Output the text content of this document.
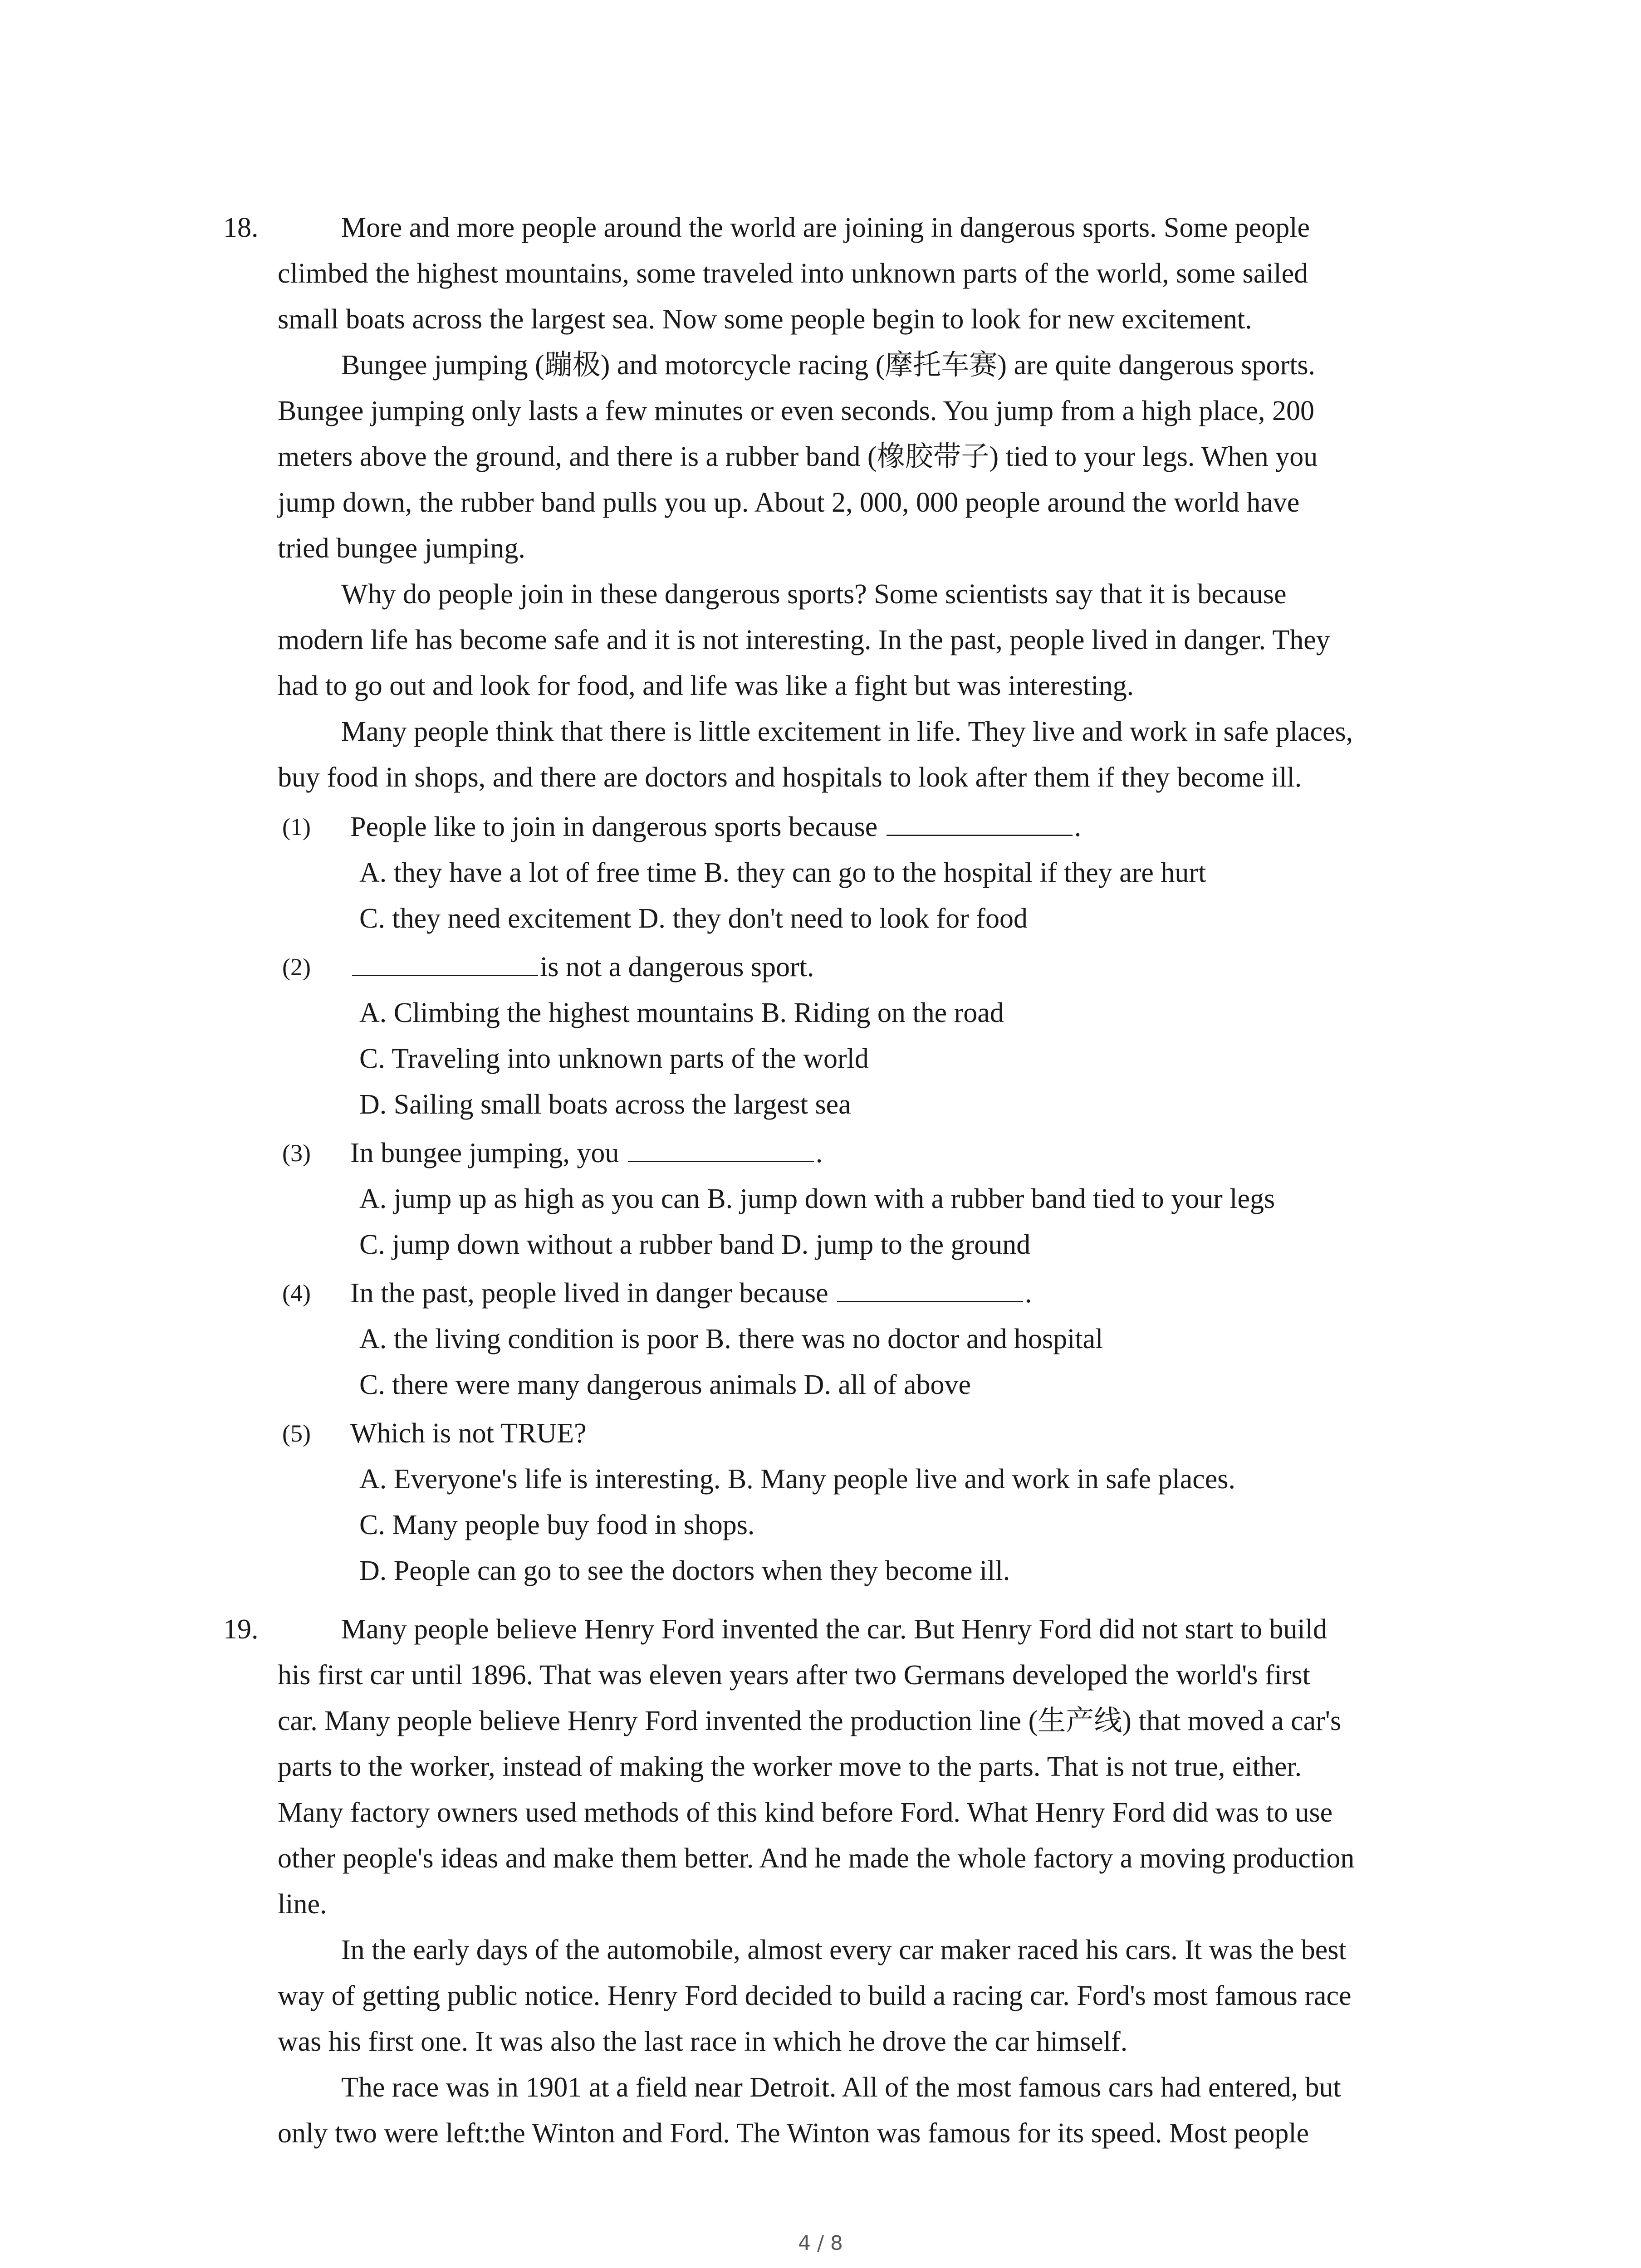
18.	More and more people around the world are joining in dangerous sports. Some people
climbed the highest mountains, some traveled into unknown parts of the world, some sailed
small boats across the largest sea. Now some people begin to look for new excitement.
Bungee jumping (蹦极) and motorcycle racing (摩托车赛) are quite dangerous sports.
Bungee jumping only lasts a few minutes or even seconds. You jump from a high place, 200
meters above the ground, and there is a rubber band (橡胶带子) tied to your legs. When you
jump down, the rubber band pulls you up. About 2, 000, 000 people around the world have
tried bungee jumping.
Why do people join in these dangerous sports? Some scientists say that it is because
modern life has become safe and it is not interesting. In the past, people lived in danger. They
had to go out and look for food, and life was like a fight but was interesting.
Many people think that there is little excitement in life. They live and work in safe places,
buy food in shops, and there are doctors and hospitals to look after them if they become ill.
(1) People like to join in dangerous sports because	.
A. they have a lot of free time B. they can go to the hospital if they are hurt
C. they need excitement D. they don't need to look for food
(2)	is not a dangerous sport.
A. Climbing the highest mountains B. Riding on the road
C. Traveling into unknown parts of the world
D. Sailing small boats across the largest sea
(3) In bungee jumping, you	.
A. jump up as high as you can B. jump down with a rubber band tied to your legs
C. jump down without a rubber band D. jump to the ground
(4) In the past, people lived in danger because	.
A. the living condition is poor B. there was no doctor and hospital
C. there were many dangerous animals D. all of above
(5) Which is not TRUE?
A. Everyone's life is interesting. B. Many people live and work in safe places.
C. Many people buy food in shops.
D. People can go to see the doctors when they become ill.
19.	Many people believe Henry Ford invented the car. But Henry Ford did not start to build
his first car until 1896. That was eleven years after two Germans developed the world's first
car. Many people believe Henry Ford invented the production line (生产线) that moved a car's
parts to the worker, instead of making the worker move to the parts. That is not true, either.
Many factory owners used methods of this kind before Ford. What Henry Ford did was to use
other people's ideas and make them better. And he made the whole factory a moving production
line.
In the early days of the automobile, almost every car maker raced his cars. It was the best
way of getting public notice. Henry Ford decided to build a racing car. Ford's most famous race
was his first one. It was also the last race in which he drove the car himself.
The race was in 1901 at a field near Detroit. All of the most famous cars had entered, but
only two were left:the Winton and Ford. The Winton was famous for its speed. Most people
4 / 8
